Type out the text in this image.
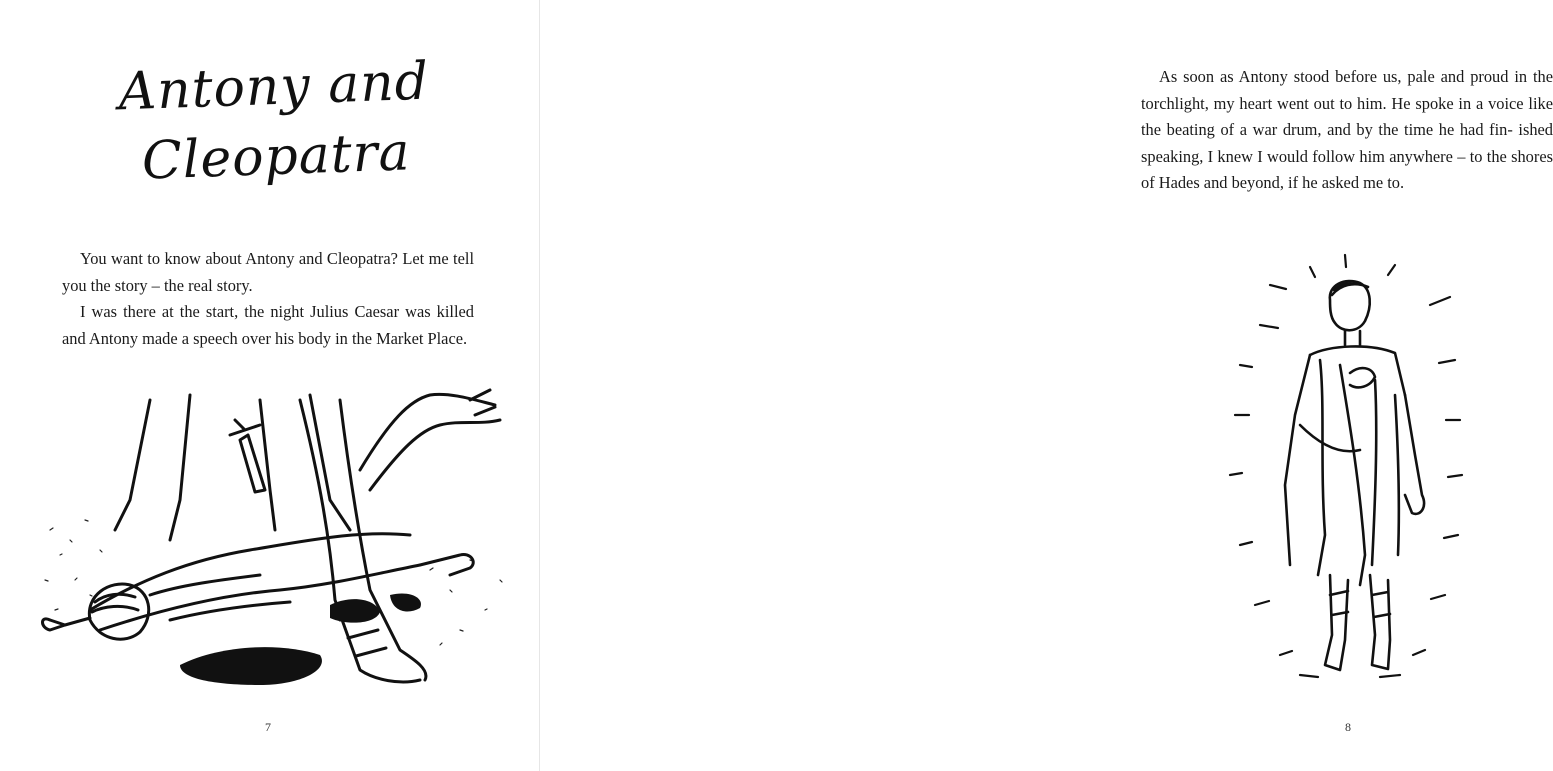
Antony and
Cleopatra

You want to know about Antony and Cleopatra? Let me tell you the story – the real story.

I was there at the start, the night Julius Caesar was killed and Antony made a speech over his body in the Market Place.

7

As soon as Antony stood before us, pale and proud in the torchlight, my heart went out to him. He spoke in a voice like the beating of a war drum, and by the time he had fin- ished speaking, I knew I would follow him anywhere – to the shores of Hades and beyond, if he asked me to.

8
